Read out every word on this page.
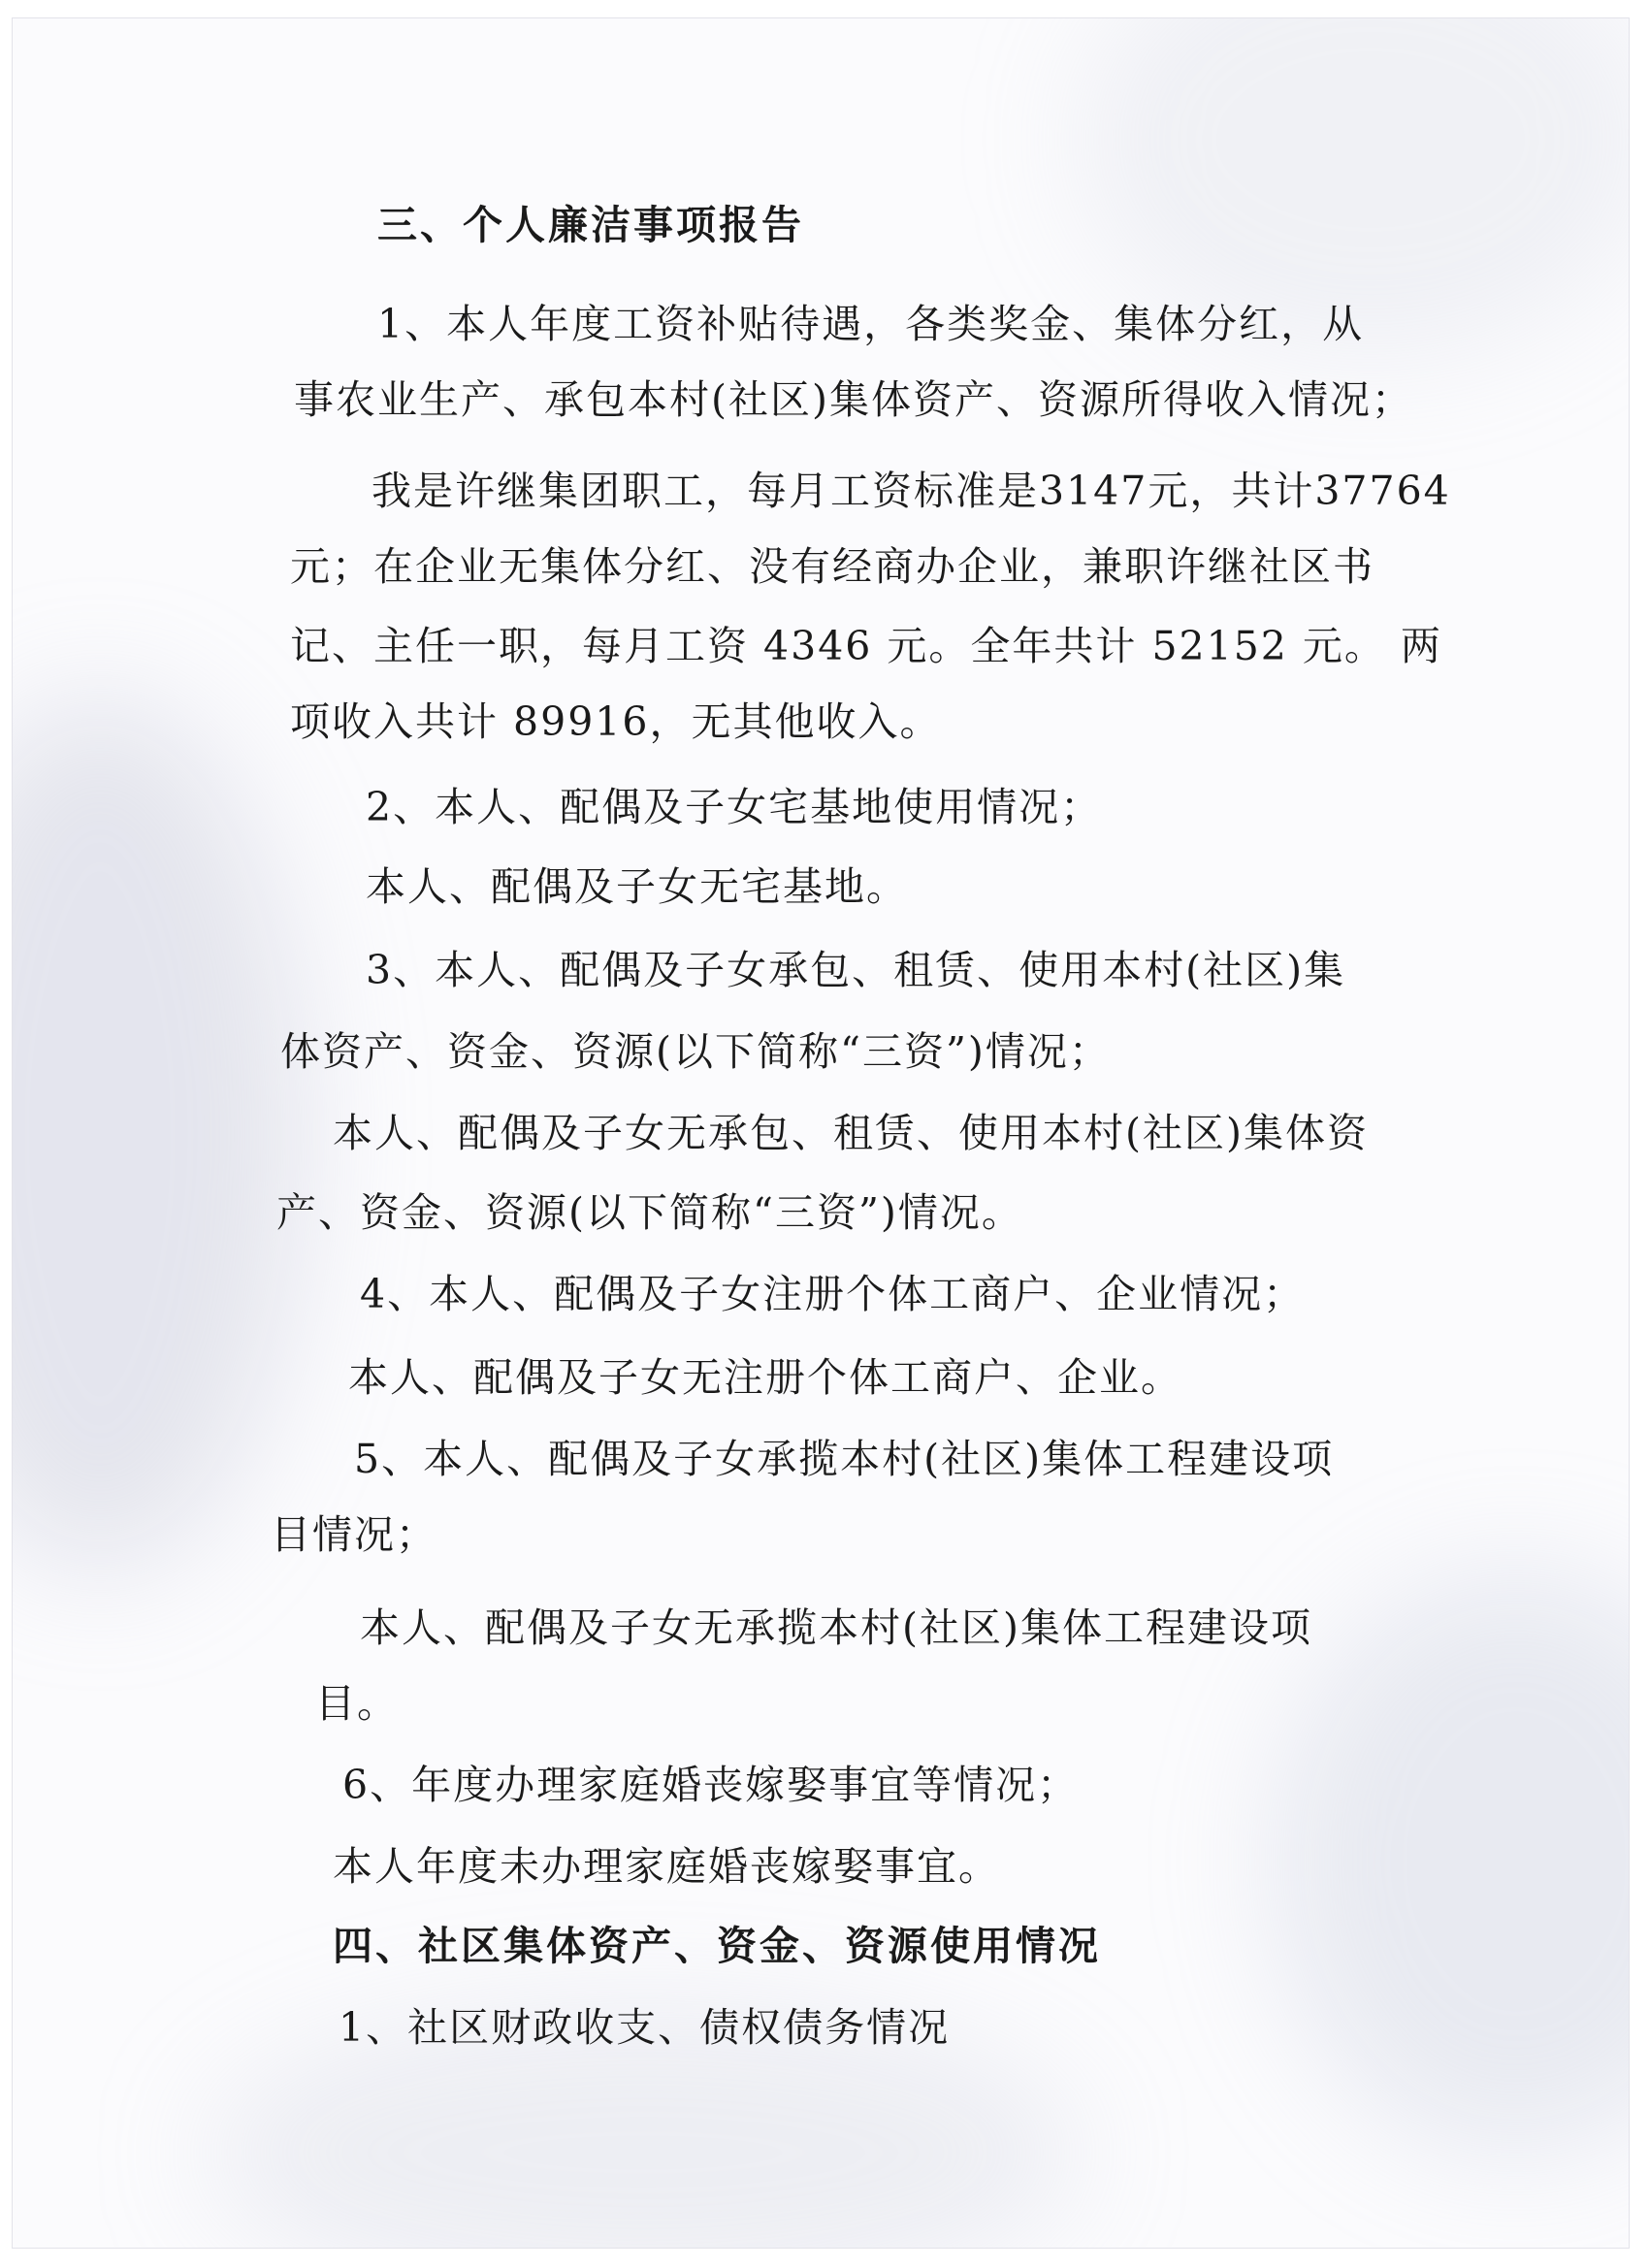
三、个人廉洁事项报告
1、本人年度工资补贴待遇，各类奖金、集体分红，从
事农业生产、承包本村(社区)集体资产、资源所得收入情况；
我是许继集团职工，每月工资标准是3147元，共计37764
元；在企业无集体分红、没有经商办企业，兼职许继社区书
记、主任一职，每月工资 4346 元。全年共计 52152 元。 两
项收入共计 89916，无其他收入。
2、本人、配偶及子女宅基地使用情况；
本人、配偶及子女无宅基地。
3、本人、配偶及子女承包、租赁、使用本村(社区)集
体资产、资金、资源(以下简称“三资”)情况；
本人、配偶及子女无承包、租赁、使用本村(社区)集体资
产、资金、资源(以下简称“三资”)情况。
4、本人、配偶及子女注册个体工商户、企业情况；
本人、配偶及子女无注册个体工商户、企业。
5、本人、配偶及子女承揽本村(社区)集体工程建设项
目情况；
本人、配偶及子女无承揽本村(社区)集体工程建设项
目。
6、年度办理家庭婚丧嫁娶事宜等情况；
本人年度未办理家庭婚丧嫁娶事宜。
四、社区集体资产、资金、资源使用情况
1、社区财政收支、债权债务情况
